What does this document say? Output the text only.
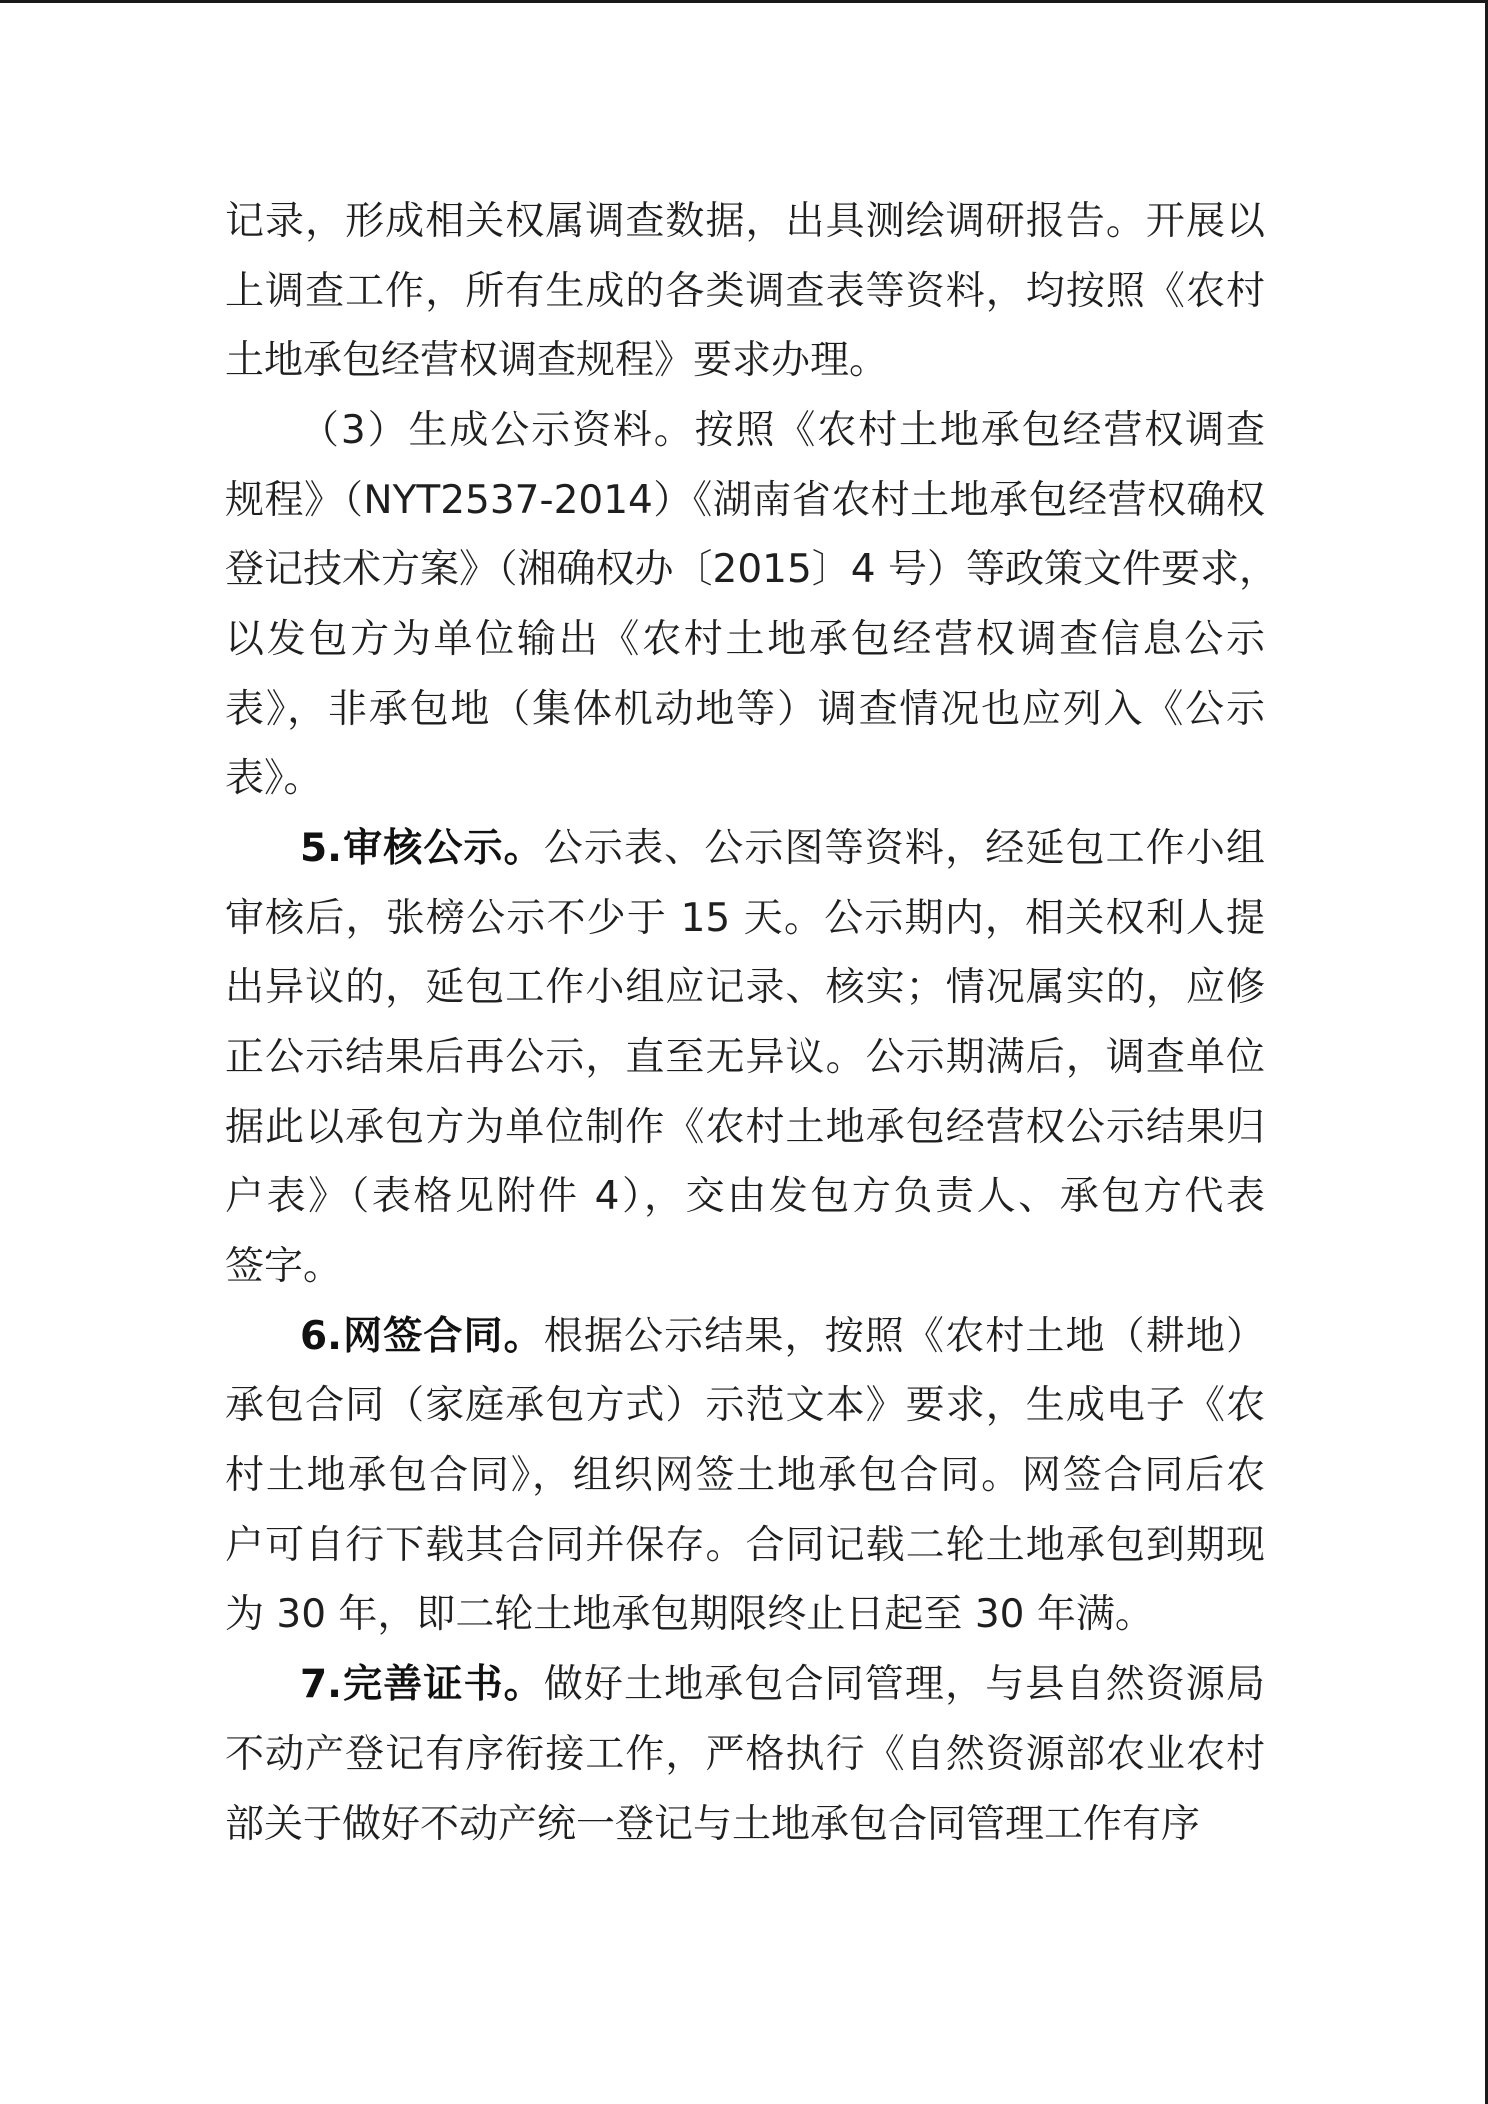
记录，形成相关权属调查数据，出具测绘调研报告。开展以
上调查工作，所有生成的各类调查表等资料，均按照《农村
土地承包经营权调查规程》要求办理。
（3）生成公示资料。按照《农村土地承包经营权调查
规程》（NYT2537-2014）《湖南省农村土地承包经营权确权
登记技术方案》（湘确权办〔2015〕4 号）等政策文件要求，
以发包方为单位输出《农村土地承包经营权调查信息公示
表》，非承包地（集体机动地等）调查情况也应列入《公示
表》。
5.审核公示。公示表、公示图等资料，经延包工作小组
审核后，张榜公示不少于 15 天。公示期内，相关权利人提
出异议的，延包工作小组应记录、核实；情况属实的，应修
正公示结果后再公示，直至无异议。公示期满后，调查单位
据此以承包方为单位制作《农村土地承包经营权公示结果归
户表》（表格见附件 4），交由发包方负责人、承包方代表
签字。
6.网签合同。根据公示结果，按照《农村土地（耕地）
承包合同（家庭承包方式）示范文本》要求，生成电子《农
村土地承包合同》，组织网签土地承包合同。网签合同后农
户可自行下载其合同并保存。合同记载二轮土地承包到期现
为 30 年，即二轮土地承包期限终止日起至 30 年满。
7.完善证书。做好土地承包合同管理，与县自然资源局
不动产登记有序衔接工作，严格执行《自然资源部农业农村
部关于做好不动产统一登记与土地承包合同管理工作有序
